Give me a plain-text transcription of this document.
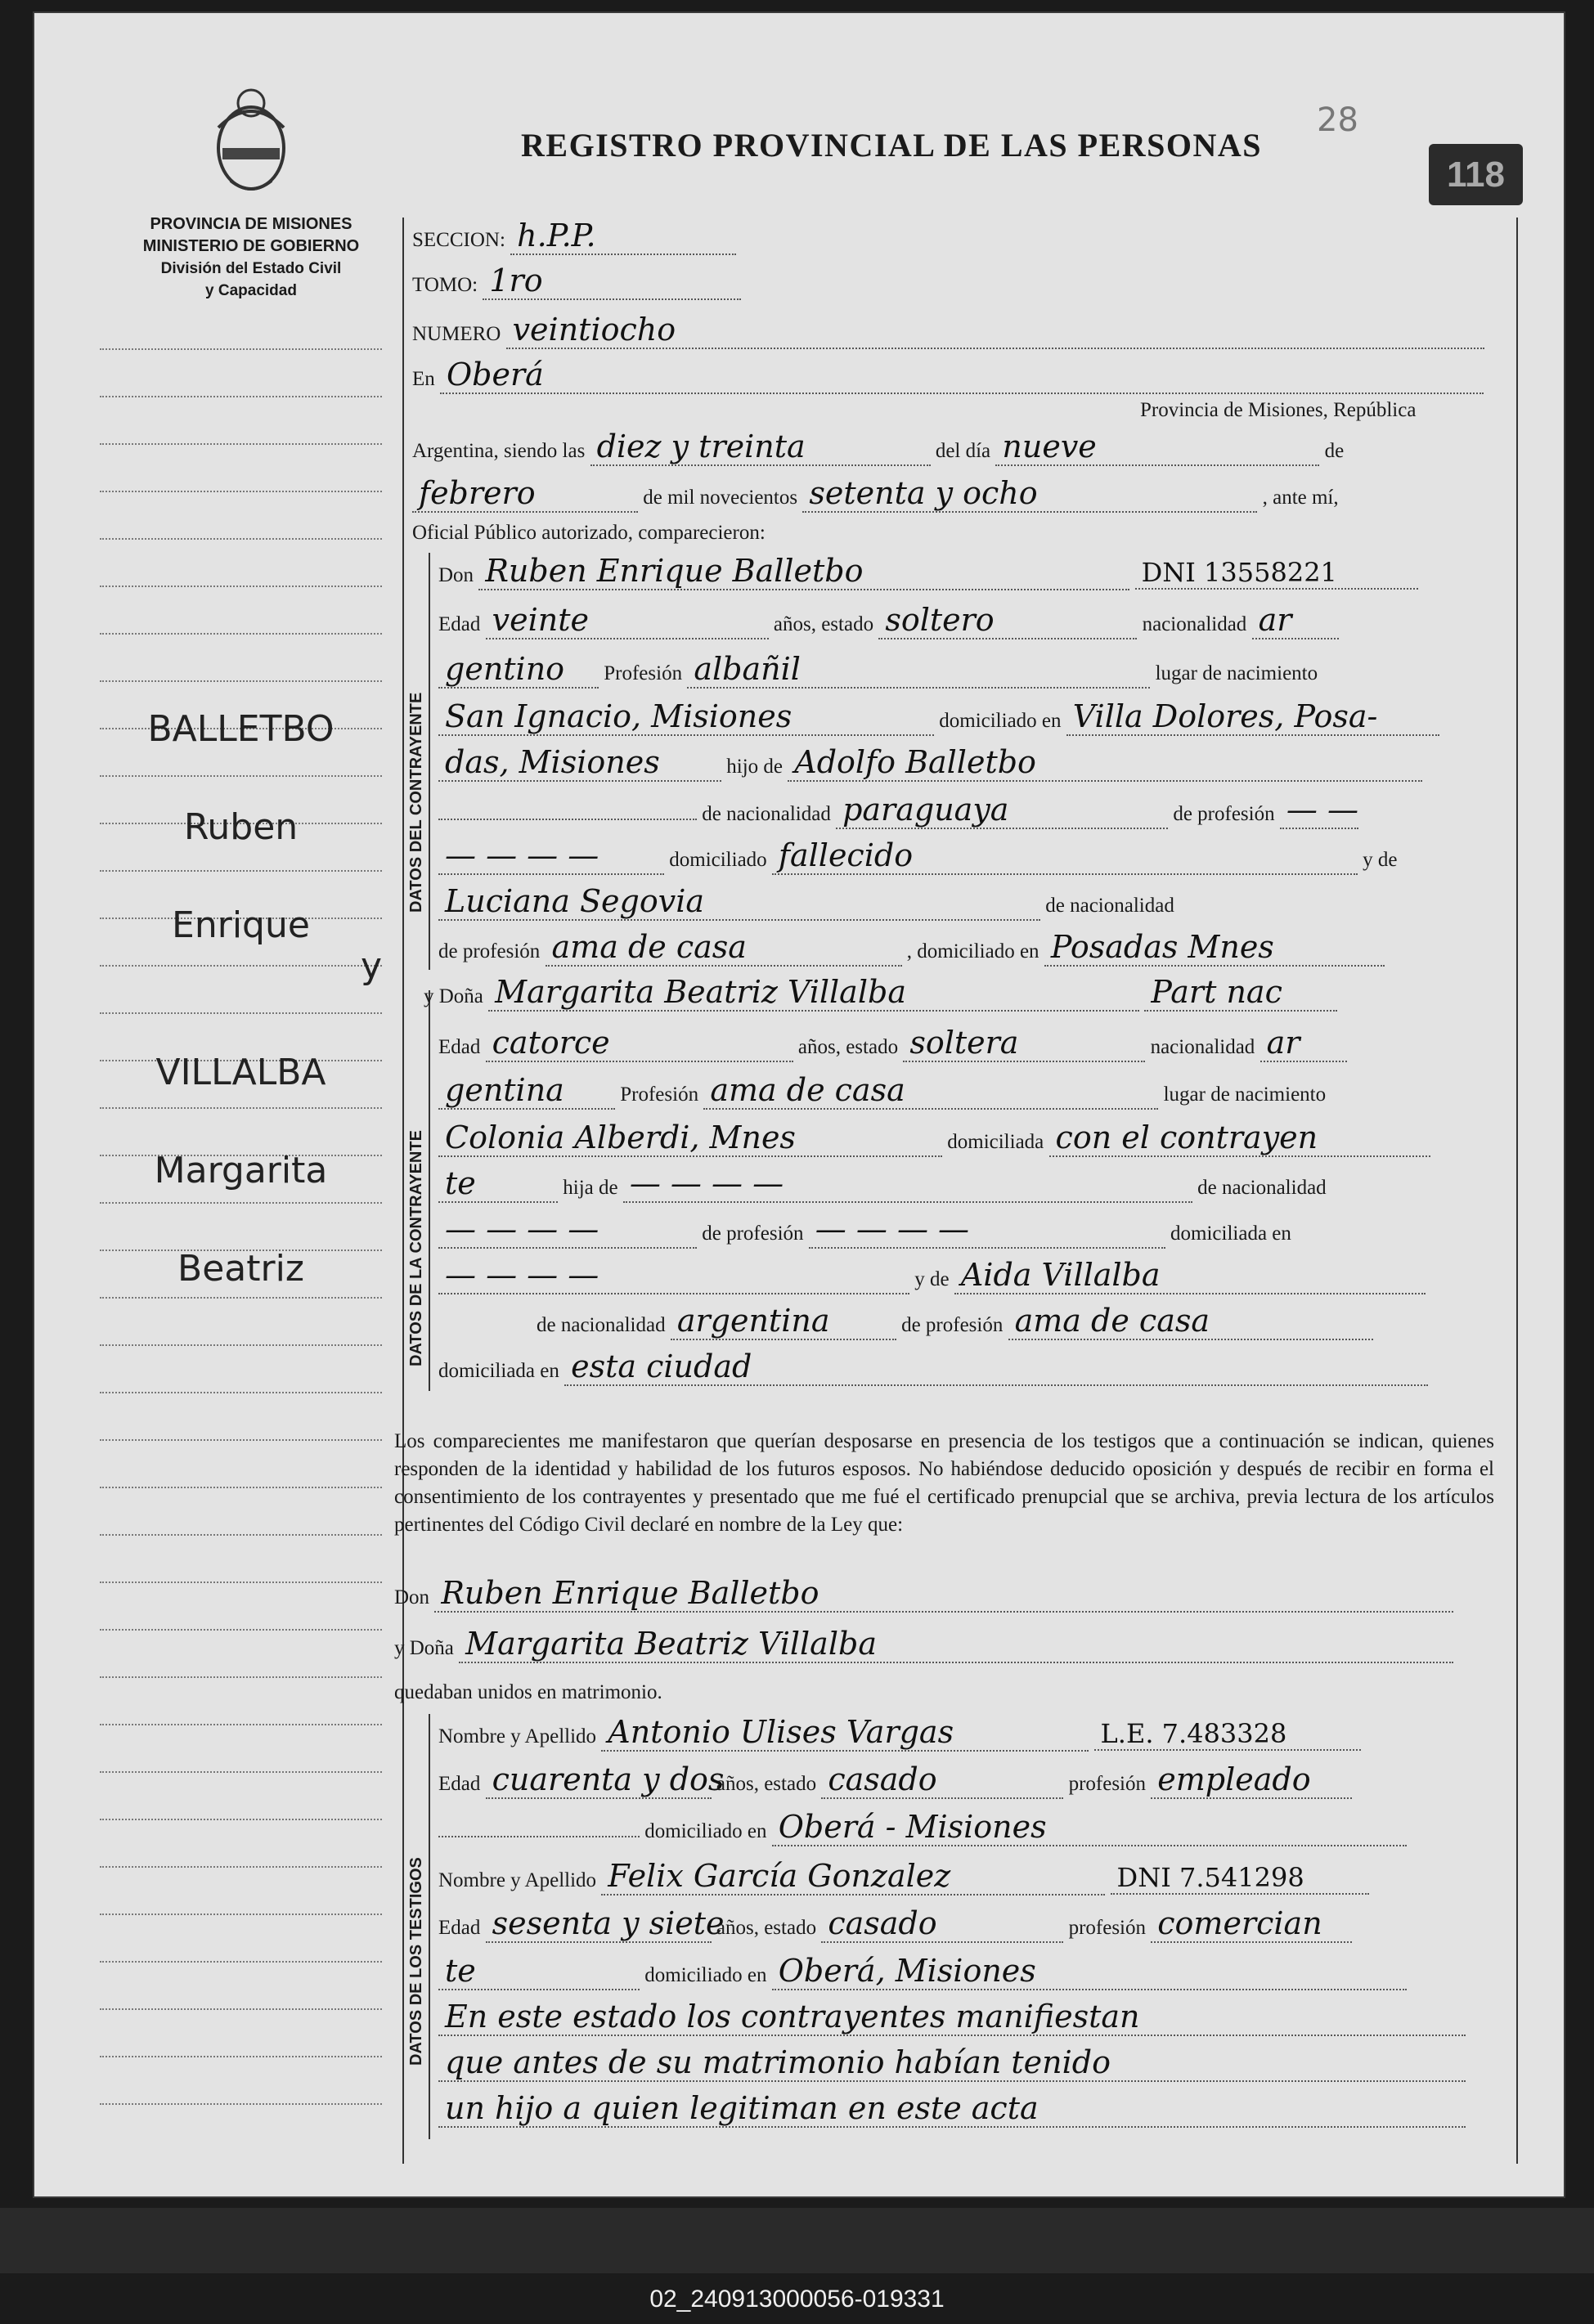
PROVINCIA DE MISIONES
MINISTERIO DE GOBIERNO
División del Estado Civil
y Capacidad
REGISTRO PROVINCIAL DE LAS PERSONAS
28
118
BALLETBO
Ruben
Enrique
y
VILLALBA
Margarita
Beatriz
SECCION: h.P.P.
TOMO: 1ro
NUMERO veintiocho
En Oberá
Provincia de Misiones, República
Argentina, siendo las diez y treinta	del día nueve	de
febrero	de mil novecientos setenta y ocho	, ante mí,
Oficial Público autorizado, comparecieron:
DATOS DEL CONTRAYENTE
Don Ruben Enrique Balletbo	DNI 13558221
Edad veinte	años, estado soltero	nacionalidad ar
gentino Profesión albañil	lugar de nacimiento
San Ignacio, Misiones	domiciliado en Villa Dolores, Posa-
das, Misiones	hijo de Adolfo Balletbo
de nacionalidad paraguaya	de profesión — —
— — — —	domiciliado fallecido	y de
Luciana Segovia	de nacionalidad
de profesión ama de casa	, domiciliado en Posadas Mnes
DATOS DE LA CONTRAYENTE
y Doña Margarita Beatriz Villalba	Part nac
Edad catorce	años, estado soltera	nacionalidad ar
gentina	Profesión ama de casa	lugar de nacimiento
Colonia Alberdi, Mnes	domiciliada con el contrayen
te	hija de — — — —	de nacionalidad
— — — —	de profesión — — — —	domiciliada en
— — — —	y de Aida Villalba
de nacionalidad argentina	de profesión ama de casa
domiciliada en esta ciudad
Los comparecientes me manifestaron que querían desposarse en presencia de los testigos que a continuación se indican, quienes responden de la identidad y habilidad de los futuros esposos. No habiéndose deducido oposición y después de recibir en forma el consentimiento de los contrayentes y presentado que me fué el certificado prenupcial que se archiva, previa lectura de los artículos pertinentes del Código Civil declaré en nombre de la Ley que:
Don Ruben Enrique Balletbo
y Doña Margarita Beatriz Villalba
quedaban unidos en matrimonio.
DATOS DE LOS TESTIGOS
Nombre y Apellido Antonio Ulises Vargas	L.E. 7.483328
Edad cuarenta y dos años, estado casado	profesión empleado
domiciliado en Oberá - Misiones
Nombre y Apellido Felix García Gonzalez	DNI 7.541298
Edad sesenta y siete años, estado casado	profesión comercian
te	domiciliado en Oberá, Misiones
En este estado los contrayentes manifiestan
que antes de su matrimonio habían tenido
un hijo a quien legitiman en este acta
02_240913000056-019331
